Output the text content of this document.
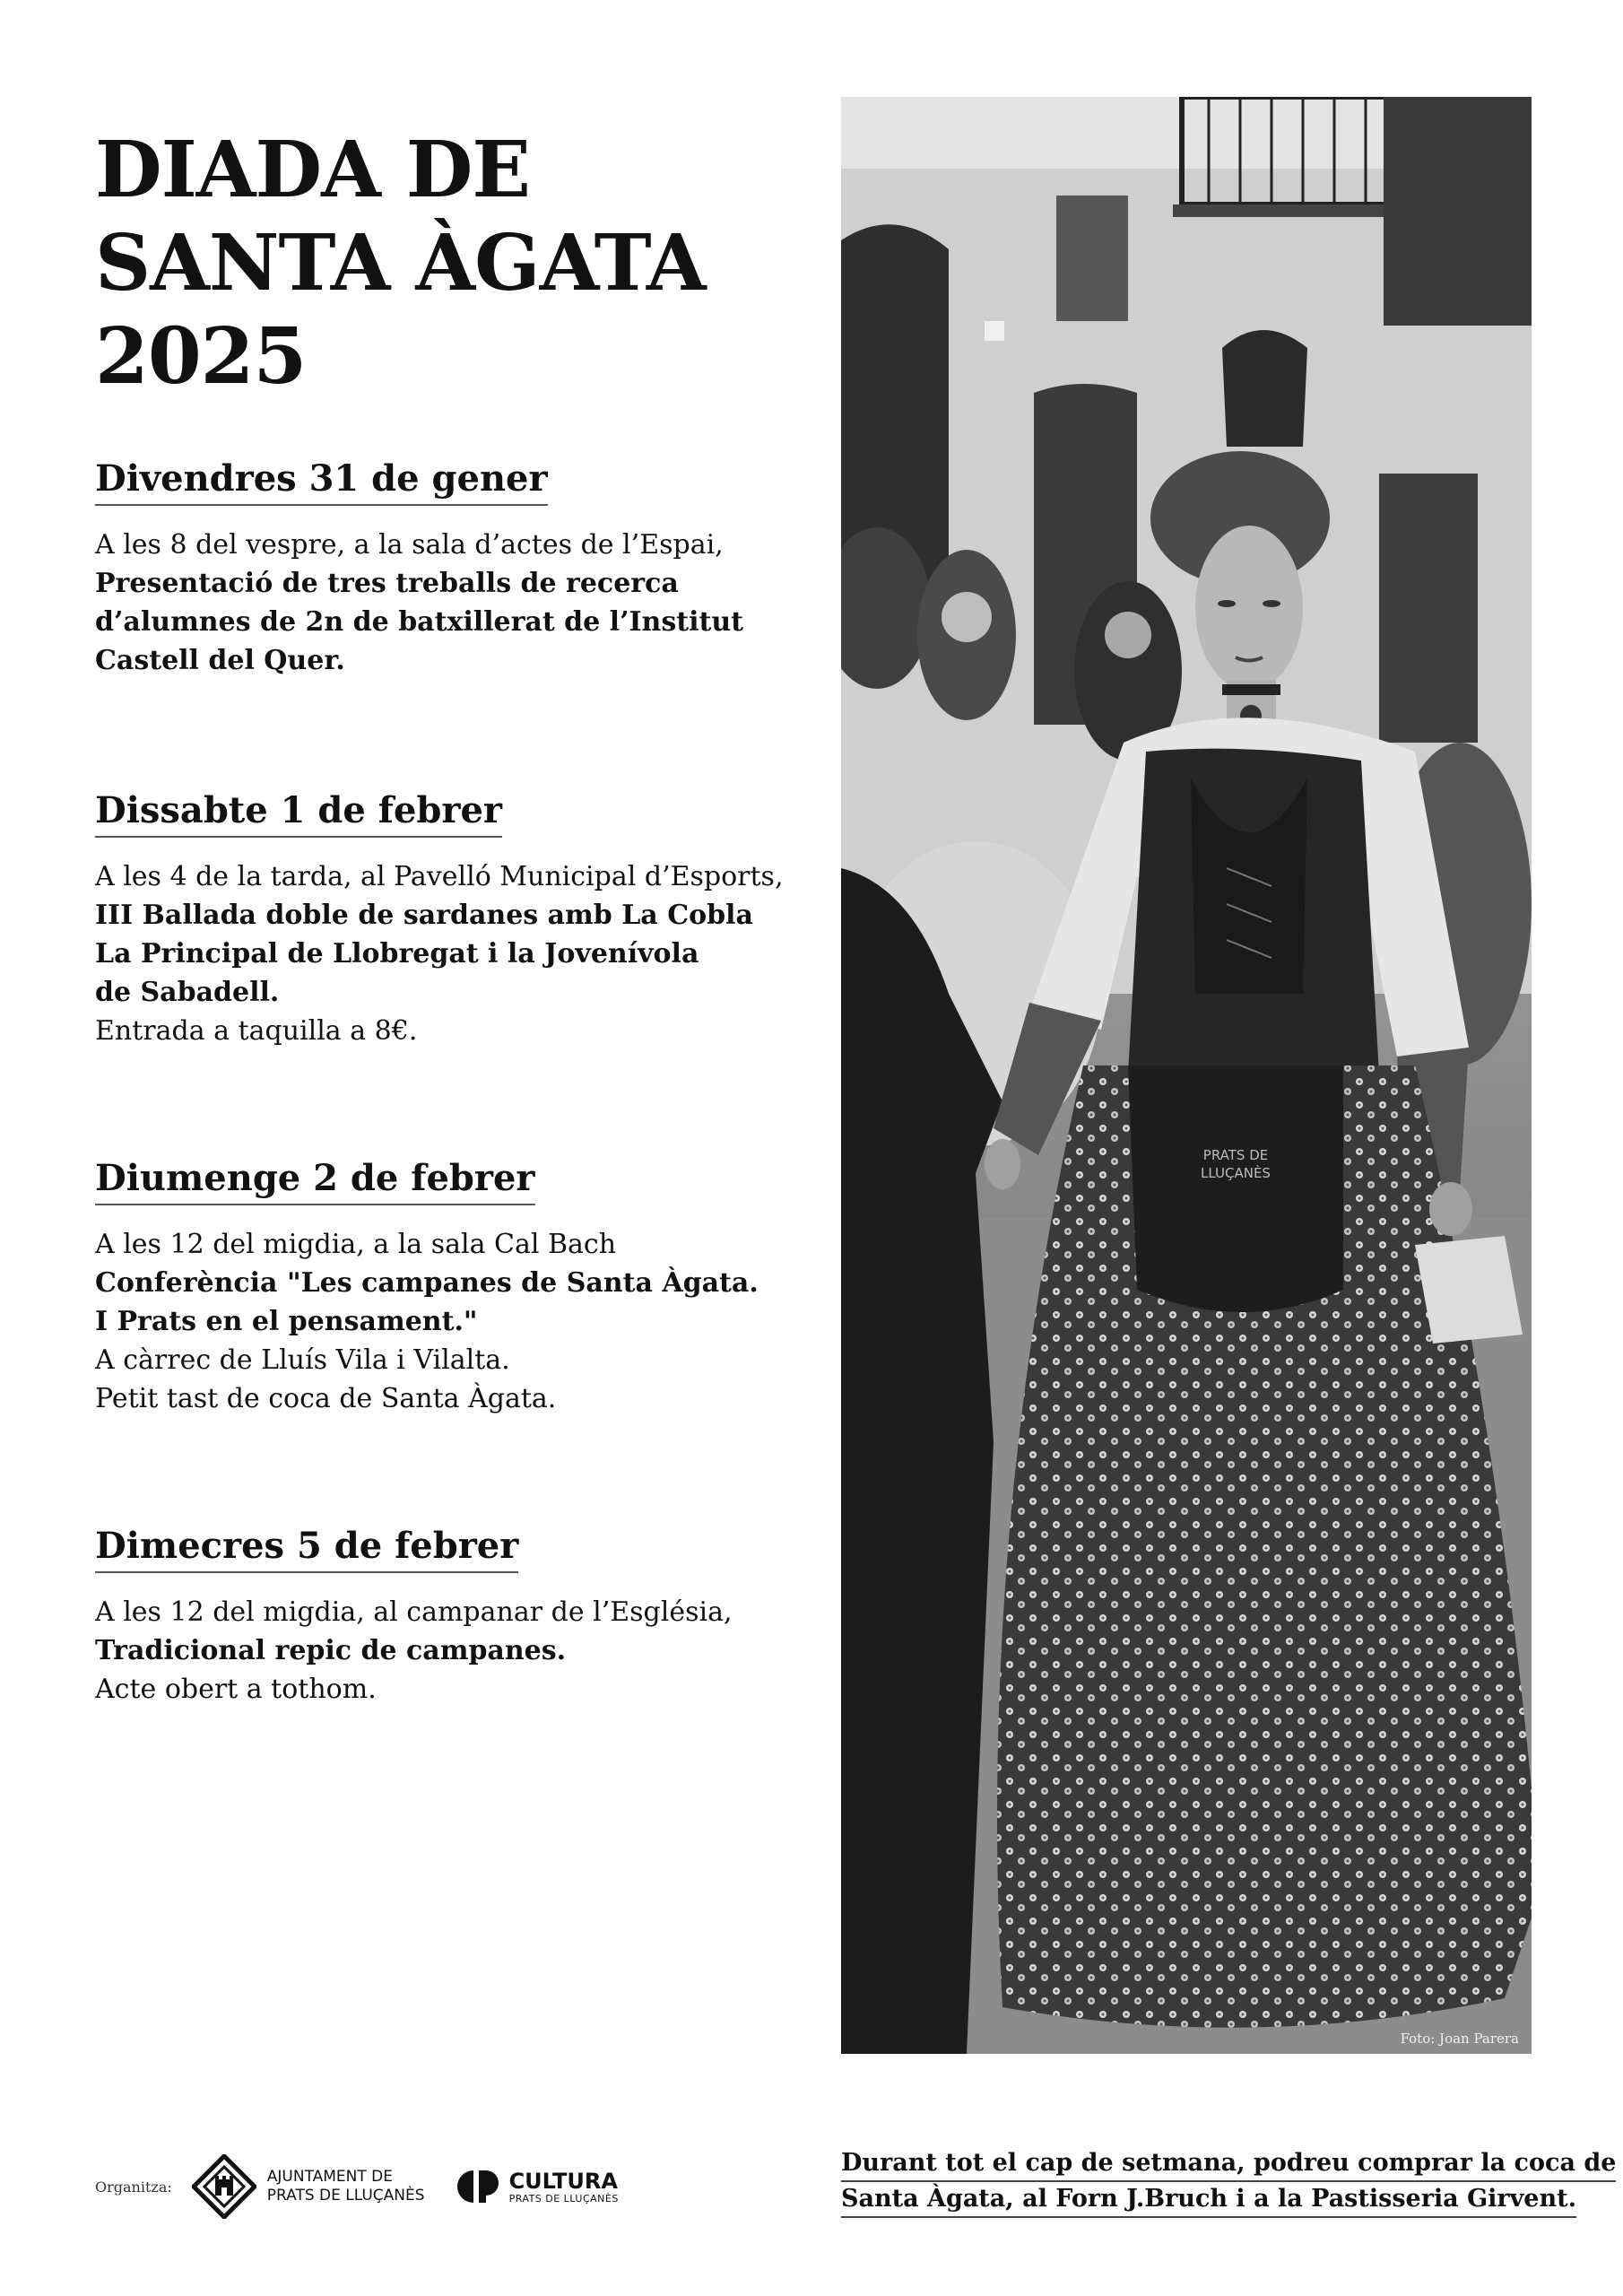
DIADA DE
SANTA ÀGATA
2025
Divendres 31 de gener
A les 8 del vespre, a la sala d’actes de l’Espai,
Presentació de tres treballs de recerca
d’alumnes de 2n de batxillerat de l’Institut
Castell del Quer.
Dissabte 1 de febrer
A les 4 de la tarda, al Pavelló Municipal d’Esports,
III Ballada doble de sardanes amb La Cobla
La Principal de Llobregat i la Jovenívola
de Sabadell.
Entrada a taquilla a 8€.
Diumenge 2 de febrer
A les 12 del migdia, a la sala Cal Bach
Conferència "Les campanes de Santa Àgata.
I Prats en el pensament."
A càrrec de Lluís Vila i Vilalta.
Petit tast de coca de Santa Àgata.
Dimecres 5 de febrer
A les 12 del migdia, al campanar de l’Església,
Tradicional repic de campanes.
Acte obert a tothom.
PRATS DE
LLUÇANÈS
Foto: Joan Parera
Organitza:
AJUNTAMENT DE
PRATS DE LLUÇANÈS
CULTURA
PRATS DE LLUÇANÈS
Durant tot el cap de setmana, podreu comprar la coca de
Santa Àgata, al Forn J.Bruch i a la Pastisseria Girvent.
